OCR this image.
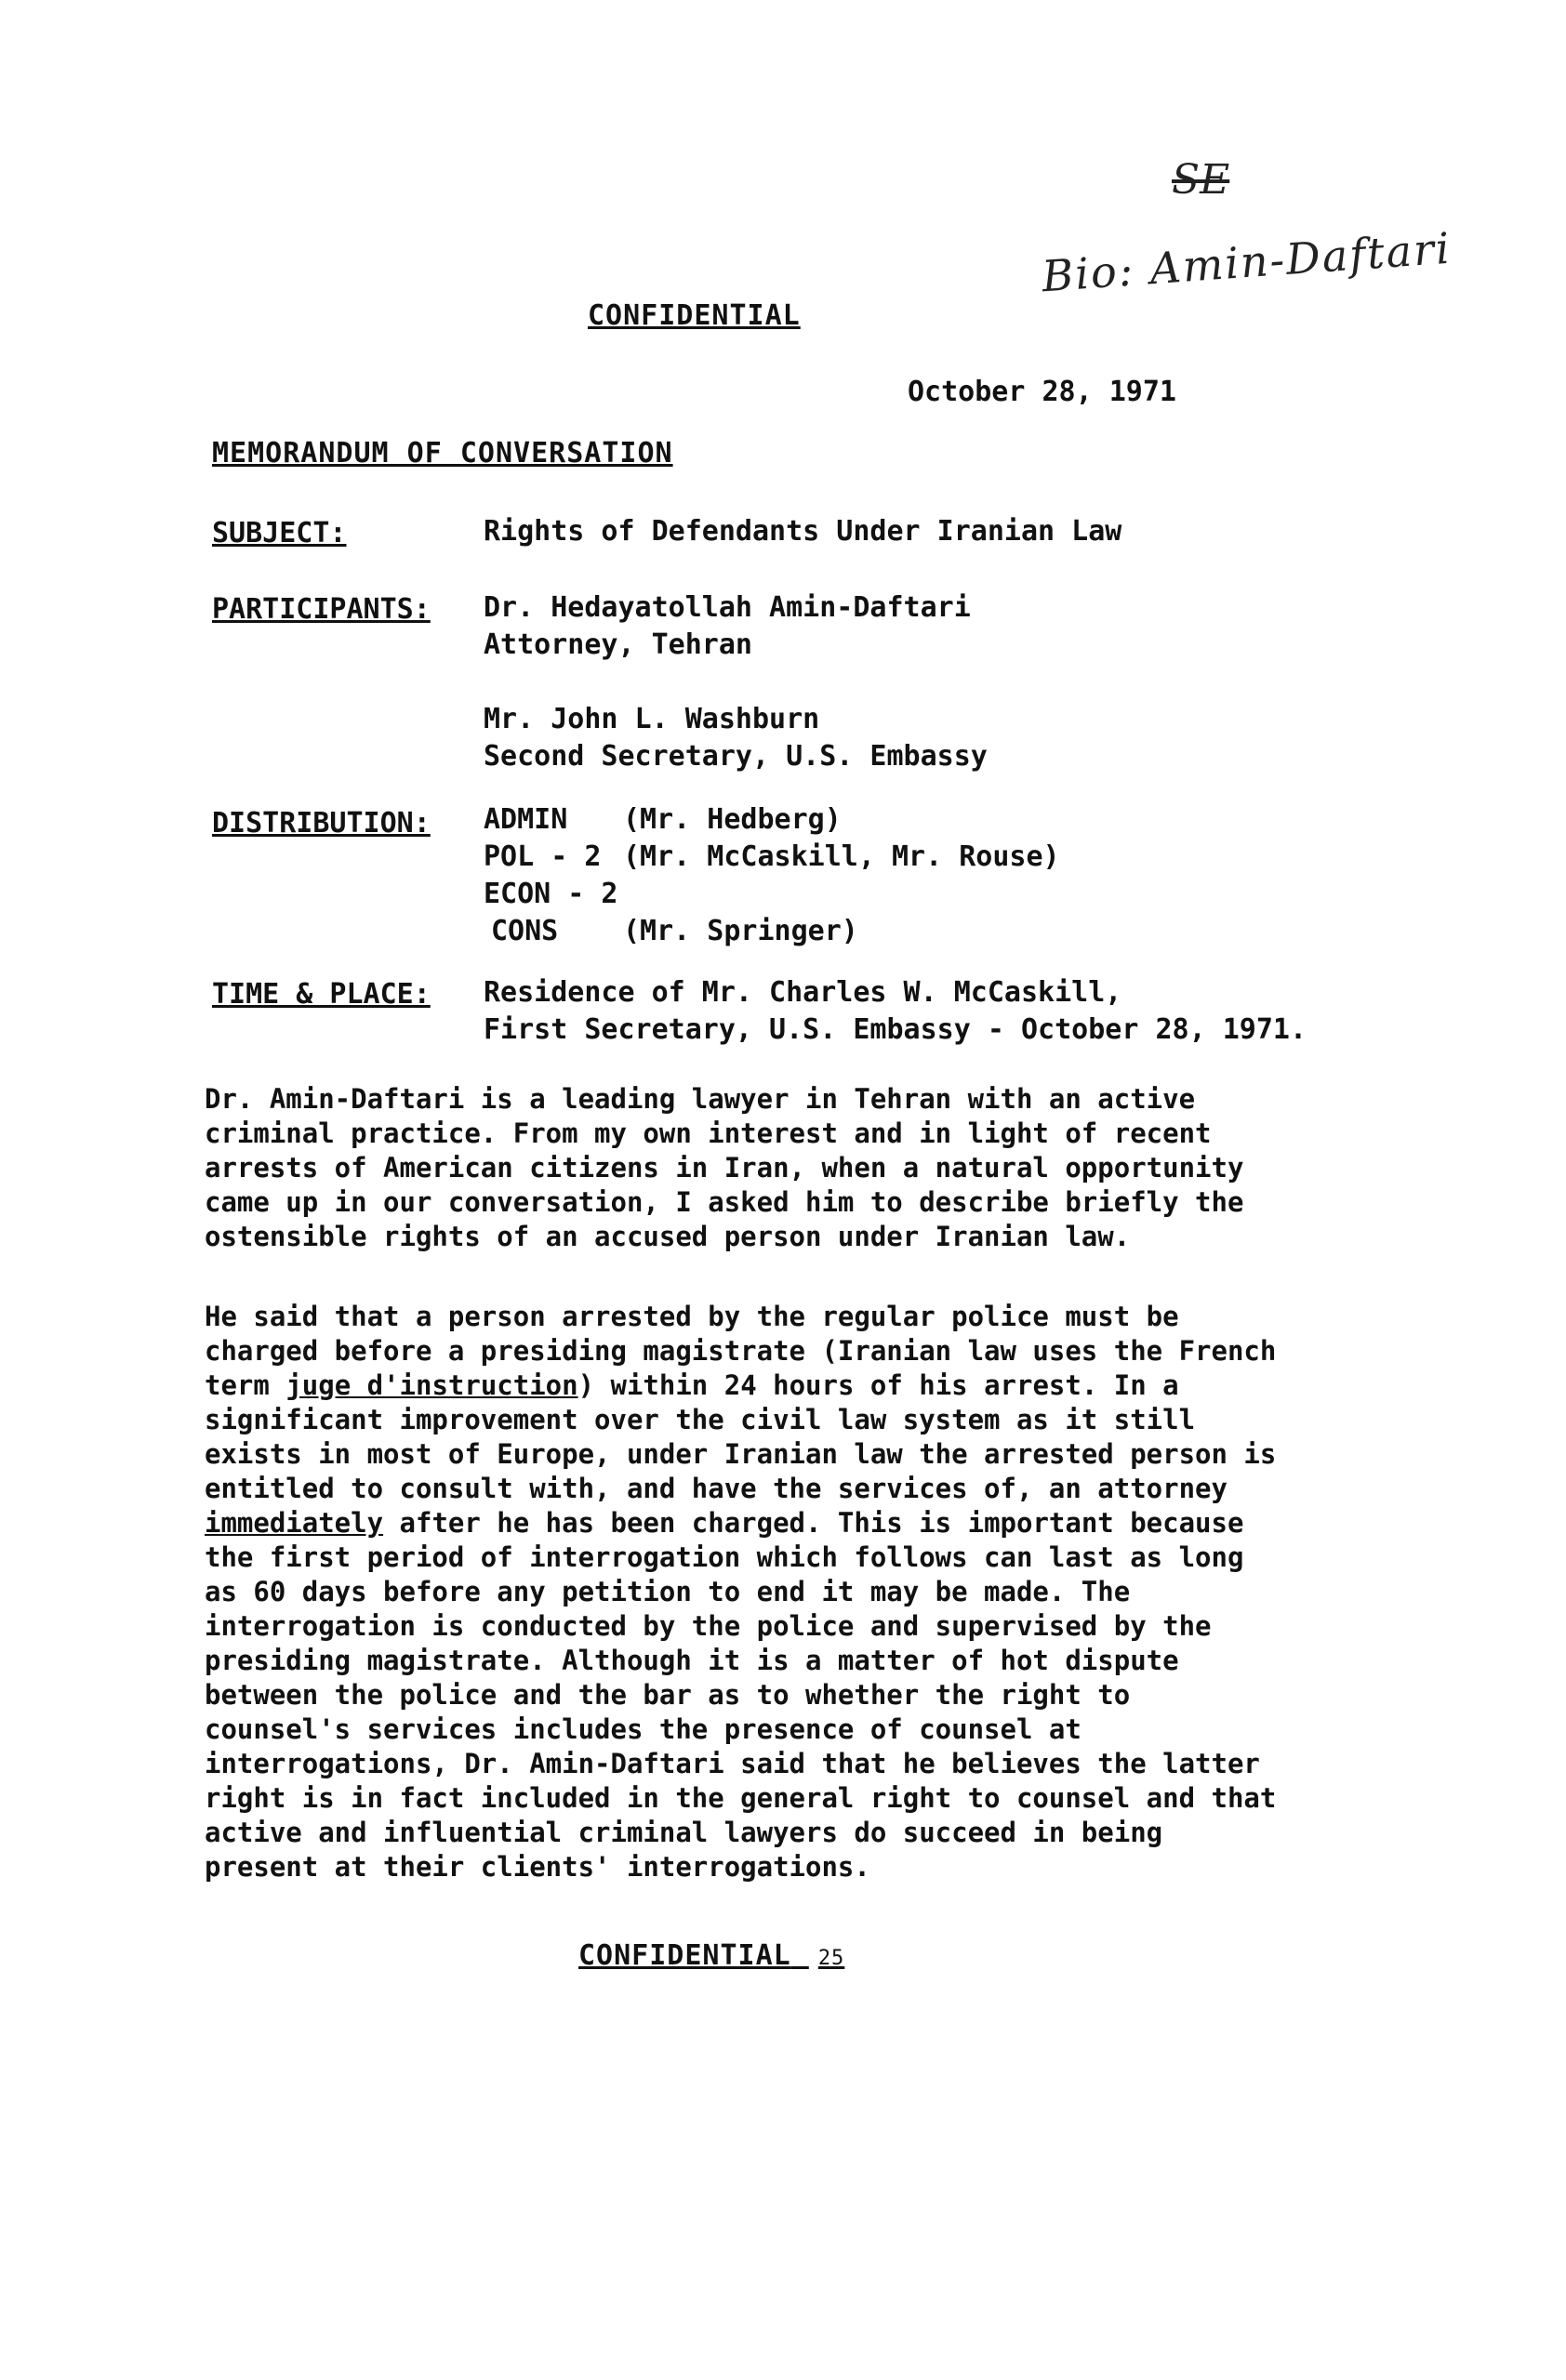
SE
Bio: Amin-Daftari
CONFIDENTIAL
October 28, 1971
MEMORANDUM OF CONVERSATION
SUBJECT:	Rights of Defendants Under Iranian Law
PARTICIPANTS: Dr. Hedayatollah Amin-Daftari
Attorney, Tehran
Mr. John L. Washburn
Second Secretary, U.S. Embassy
DISTRIBUTION: ADMIN (Mr. Hedberg)
POL - 2 (Mr. McCaskill, Mr. Rouse)
ECON - 2
CONS (Mr. Springer)
TIME & PLACE: Residence of Mr. Charles W. McCaskill,
First Secretary, U.S. Embassy - October 28, 1971.

Dr. Amin-Daftari is a leading lawyer in Tehran with an active criminal practice. From my own interest and in light of recent arrests of American citizens in Iran, when a natural opportunity came up in our conversation, I asked him to describe briefly the ostensible rights of an accused person under Iranian law.

He said that a person arrested by the regular police must be charged before a presiding magistrate (Iranian law uses the French term juge d'instruction) within 24 hours of his arrest. In a significant improvement over the civil law system as it still exists in most of Europe, under Iranian law the arrested person is entitled to consult with, and have the services of, an attorney immediately after he has been charged. This is important because the first period of interrogation which follows can last as long as 60 days before any petition to end it may be made. The interrogation is conducted by the police and supervised by the presiding magistrate. Although it is a matter of hot dispute between the police and the bar as to whether the right to counsel's services includes the presence of counsel at interrogations, Dr. Amin-Daftari said that he believes the latter right is in fact included in the general right to counsel and that active and influential criminal lawyers do succeed in being present at their clients' interrogations.

CONFIDENTIAL 25
